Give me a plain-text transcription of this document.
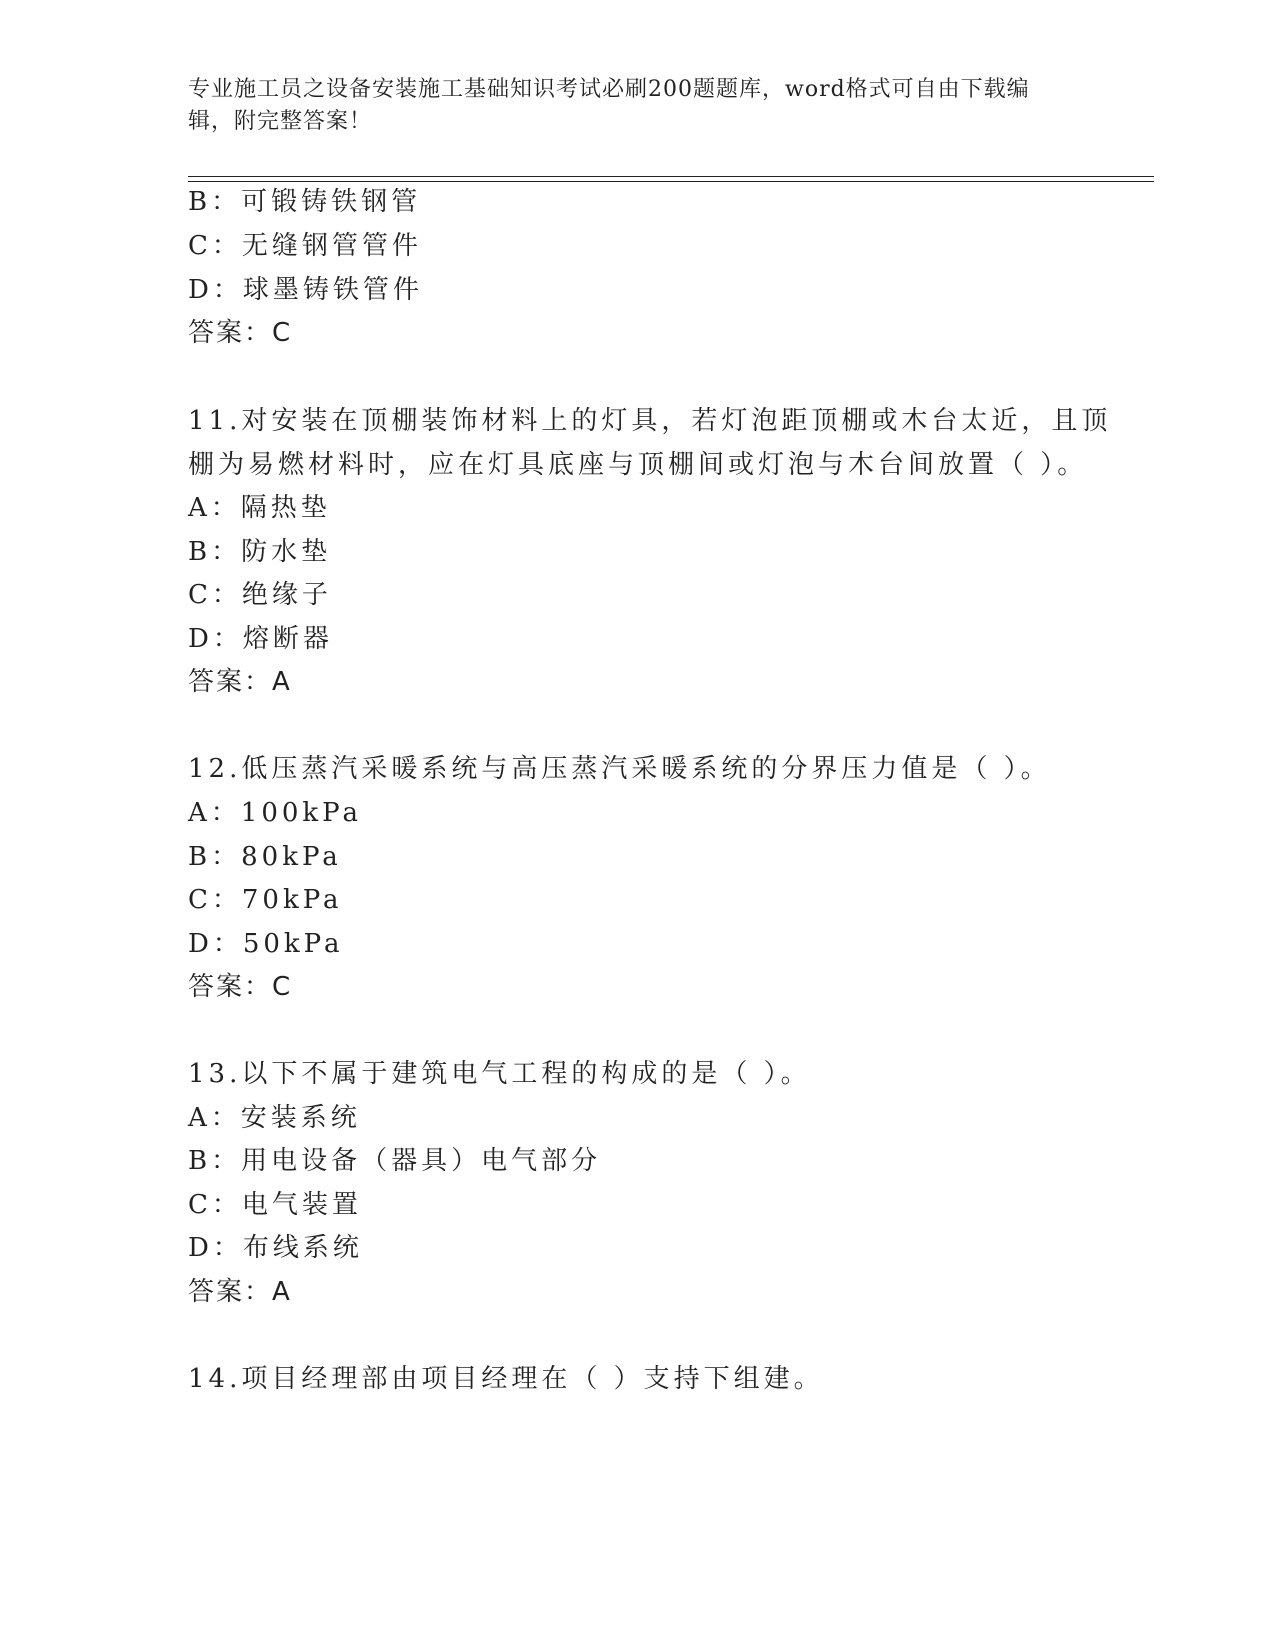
专业施工员之设备安装施工基础知识考试必刷200题题库，word格式可自由下载编辑，附完整答案！
B：可锻铸铁钢管
C：无缝钢管管件
D：球墨铸铁管件
答案：C
11.对安装在顶棚装饰材料上的灯具，若灯泡距顶棚或木台太近，且顶
棚为易燃材料时，应在灯具底座与顶棚间或灯泡与木台间放置（ ）。
A：隔热垫
B：防水垫
C：绝缘子
D：熔断器
答案：A
12.低压蒸汽采暖系统与高压蒸汽采暖系统的分界压力值是（ ）。
A：100kPa
B：80kPa
C：70kPa
D：50kPa
答案：C
13.以下不属于建筑电气工程的构成的是（ ）。
A：安装系统
B：用电设备（器具）电气部分
C：电气装置
D：布线系统
答案：A
14.项目经理部由项目经理在（ ）支持下组建。
